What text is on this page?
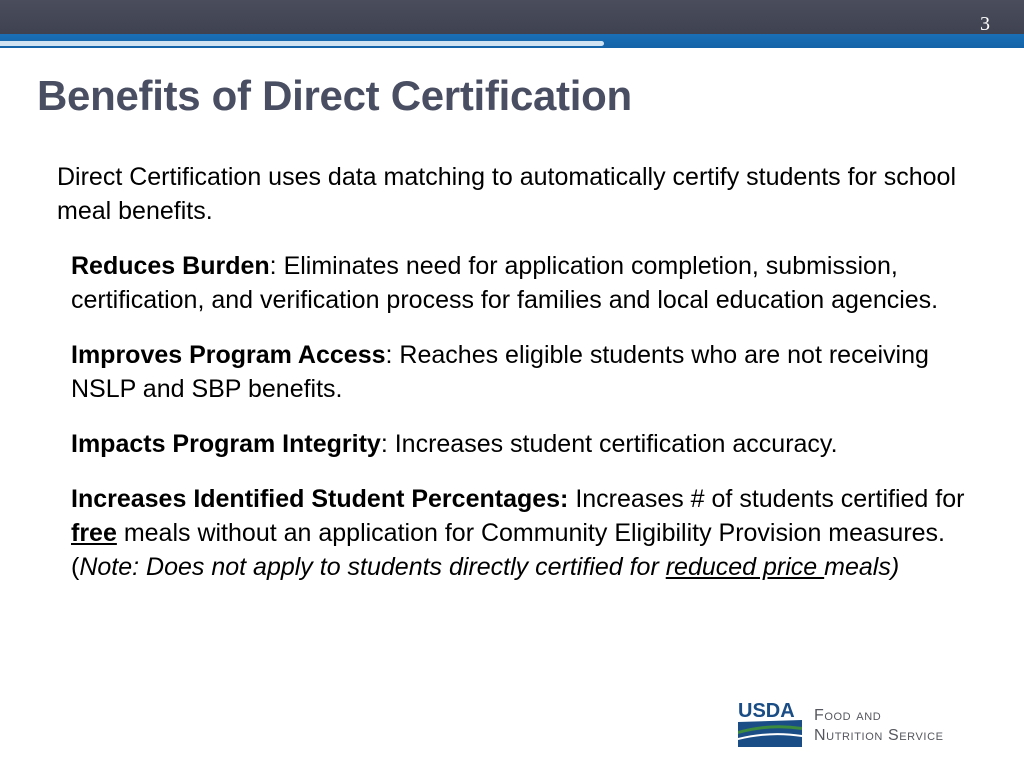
3
Benefits of Direct Certification

Direct Certification uses data matching to automatically certify students for school meal benefits.

Reduces Burden: Eliminates need for application completion, submission, certification, and verification process for families and local education agencies.
Improves Program Access: Reaches eligible students who are not receiving NSLP and SBP benefits.
Impacts Program Integrity: Increases student certification accuracy.
Increases Identified Student Percentages: Increases # of students certified for free meals without an application for Community Eligibility Provision measures. (Note: Does not apply to students directly certified for reduced price meals)
USDA Food and
Nutrition Service
